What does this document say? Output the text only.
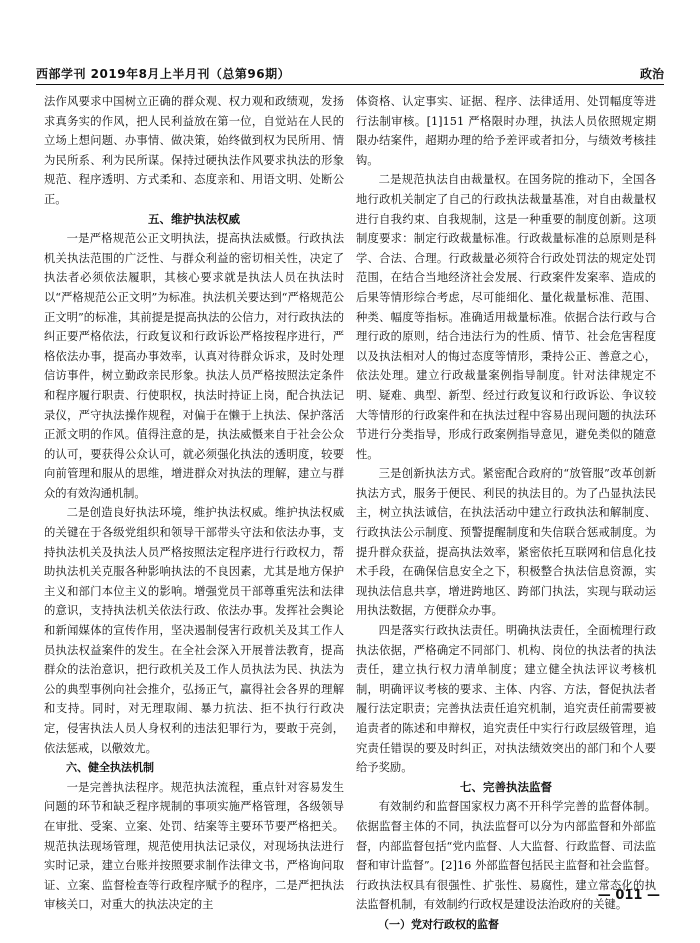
西部学刊 2019年8月上半月刊（总第96期）	政治

法作风要求中国树立正确的群众观、权力观和政绩观，发扬求真务实的作风，把人民利益放在第一位，自觉站在人民的立场上想问题、办事情、做决策，始终做到权为民所用、情为民所系、利为民所谋。保持过硬执法作风要求执法的形象规范、程序透明、方式柔和、态度亲和、用语文明、处断公正。

五、维护执法权威

一是严格规范公正文明执法，提高执法威慑。行政执法机关执法范围的广泛性、与群众利益的密切相关性，决定了执法者必须依法履职，其核心要求就是执法人员在执法时以“严格规范公正文明”为标准。执法机关要达到“严格规范公正文明”的标准，其前提是提高执法的公信力，对行政执法的纠正要严格依法，行政复议和行政诉讼严格按程序进行，严格依法办事，提高办事效率，认真对待群众诉求，及时处理信访事件，树立勤政亲民形象。执法人员严格按照法定条件和程序履行职责、行使职权，执法时持证上岗，配合执法记录仪，严守执法操作规程，对偏于在懒于上执法、保护落活正派文明的作风。值得注意的是，执法威慑来自于社会公众的认可，要获得公众认可，就必须强化执法的透明度，较要向前管理和服从的思维，增进群众对执法的理解，建立与群众的有效沟通机制。

二是创造良好执法环境，维护执法权威。维护执法权威的关键在于各级党组织和领导干部带头守法和依法办事，支持执法机关及执法人员严格按照法定程序进行行政权力，帮助执法机关克服各种影响执法的不良因素，尤其是地方保护主义和部门本位主义的影响。增强党员干部尊重宪法和法律的意识，支持执法机关依法行政、依法办事。发挥社会舆论和新闻媒体的宣传作用，坚决遏制侵害行政机关及其工作人员执法权益案件的发生。在全社会深入开展普法教育，提高群众的法治意识，把行政机关及工作人员执法为民、执法为公的典型事例向社会推介，弘扬正气，赢得社会各界的理解和支持。同时，对无理取闹、暴力抗法、拒不执行行政决定，侵害执法人员人身权利的违法犯罪行为，要敢于亮剑，依法惩戒，以儆效尤。

六、健全执法机制

一是完善执法程序。规范执法流程，重点针对容易发生问题的环节和缺乏程序规制的事项实施严格管理，各级领导在审批、受案、立案、处罚、结案等主要环节要严格把关。规范执法现场管理，规范使用执法记录仪，对现场执法进行实时记录，建立台账并按照要求制作法律文书，严格询问取证、立案、监督检查等行政程序赋予的程序，二是严把执法审核关口，对重大的执法决定的主

体资格、认定事实、证据、程序、法律适用、处罚幅度等进行法制审核。[1]151 严格限时办理，执法人员依照规定期限办结案件，超期办理的给予差评或者扣分，与绩效考核挂钩。

二是规范执法自由裁量权。在国务院的推动下，全国各地行政机关制定了自己的行政执法裁量基准，对自由裁量权进行自我约束、自我规制，这是一种重要的制度创新。这项制度要求：制定行政裁量标准。行政裁量标准的总原则是科学、合法、合理。行政裁量必须符合行政处罚法的规定处罚范围，在结合当地经济社会发展、行政案件发案率、造成的后果等情形综合考虑，尽可能细化、量化裁量标准、范围、种类、幅度等指标。准确适用裁量标准。依据合法行政与合理行政的原则，结合违法行为的性质、情节、社会危害程度以及执法相对人的悔过态度等情形，秉持公正、善意之心，依法处理。建立行政裁量案例指导制度。针对法律规定不明、疑难、典型、新型、经过行政复议和行政诉讼、争议较大等情形的行政案件和在执法过程中容易出现问题的执法环节进行分类指导，形成行政案例指导意见，避免类似的随意性。

三是创新执法方式。紧密配合政府的“放管服”改革创新执法方式，服务于便民、利民的执法目的。为了凸显执法民主，树立执法诚信，在执法活动中建立行政执法和解制度、行政执法公示制度、预警提醒制度和失信联合惩戒制度。为提升群众获益，提高执法效率，紧密依托互联网和信息化技术手段，在确保信息安全之下，积极整合执法信息资源，实现执法信息共享，增进跨地区、跨部门执法，实现与联动运用执法数据，方便群众办事。

四是落实行政执法责任。明确执法责任，全面梳理行政执法依据，严格确定不同部门、机构、岗位的执法者的执法责任，建立执行权力清单制度；建立健全执法评议考核机制，明确评议考核的要求、主体、内容、方法，督促执法者履行法定职责；完善执法责任追究机制，追究责任前需要被追责者的陈述和申辩权，追究责任中实行行政层级管理，追究责任错误的要及时纠正，对执法绩效突出的部门和个人要给予奖励。

七、完善执法监督

有效制约和监督国家权力离不开科学完善的监督体制。依据监督主体的不同，执法监督可以分为内部监督和外部监督，内部监督包括“党内监督、人大监督、行政监督、司法监督和审计监督”。[2]16 外部监督包括民主监督和社会监督。行政执法权具有很强性、扩张性、易腐性，建立常态化的执法监督机制，有效制约行政权是建设法治政府的关键。

（一）党对行政权的监督
— 011 —
